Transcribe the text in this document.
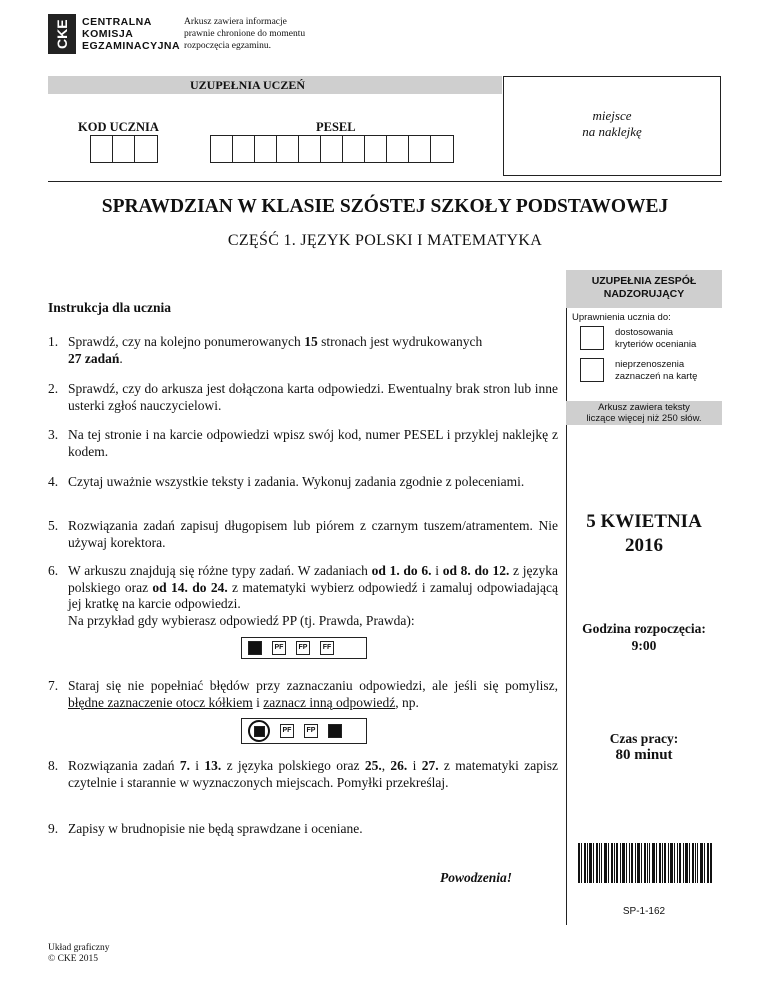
CKE CENTRALNA
KOMISJA
EGZAMINACYJNA
Arkusz zawiera informacje
prawnie chronione do momentu
rozpoczęcia egzaminu.
UZUPEŁNIA UCZEŃ
KOD UCZNIA	PESEL
miejsce
na naklejkę
SPRAWDZIAN W KLASIE SZÓSTEJ SZKOŁY PODSTAWOWEJ
CZĘŚĆ 1. JĘZYK POLSKI I MATEMATYKA
UZUPEŁNIA ZESPÓŁ
NADZORUJĄCY
Uprawnienia ucznia do:
dostosowania
kryteriów oceniania
nieprzenoszenia
zaznaczeń na kartę
Arkusz zawiera teksty
liczące więcej niż 250 słów.
5 KWIETNIA
2016
Godzina rozpoczęcia:
9:00
Czas pracy:
80 minut
SP-1-162
Instrukcja dla ucznia
1. Sprawdź, czy na kolejno ponumerowanych 15 stronach jest wydrukowanych
27 zadań.
2. Sprawdź, czy do arkusza jest dołączona karta odpowiedzi. Ewentualny brak stron lub inne usterki zgłoś nauczycielowi.
3. Na tej stronie i na karcie odpowiedzi wpisz swój kod, numer PESEL i przyklej naklejkę z kodem.
4. Czytaj uważnie wszystkie teksty i zadania. Wykonuj zadania zgodnie z poleceniami.
5. Rozwiązania zadań zapisuj długopisem lub piórem z czarnym tuszem/atramentem. Nie używaj korektora.
6. W arkuszu znajdują się różne typy zadań. W zadaniach od 1. do 6. i od 8. do 12. z języka polskiego oraz od 14. do 24. z matematyki wybierz odpowiedź i zamaluj odpowiadającą jej kratkę na karcie odpowiedzi.
Na przykład gdy wybierasz odpowiedź PP (tj. Prawda, Prawda):
PF	FP	FF
7. Staraj się nie popełniać błędów przy zaznaczaniu odpowiedzi, ale jeśli się pomylisz, błędne zaznaczenie otocz kółkiem i zaznacz inną odpowiedź, np.
PF	FP
8. Rozwiązania zadań 7. i 13. z języka polskiego oraz 25., 26. i 27. z matematyki zapisz czytelnie i starannie w wyznaczonych miejscach. Pomyłki przekreślaj.
9. Zapisy w brudnopisie nie będą sprawdzane i oceniane.
Powodzenia!
Układ graficzny
© CKE 2015
